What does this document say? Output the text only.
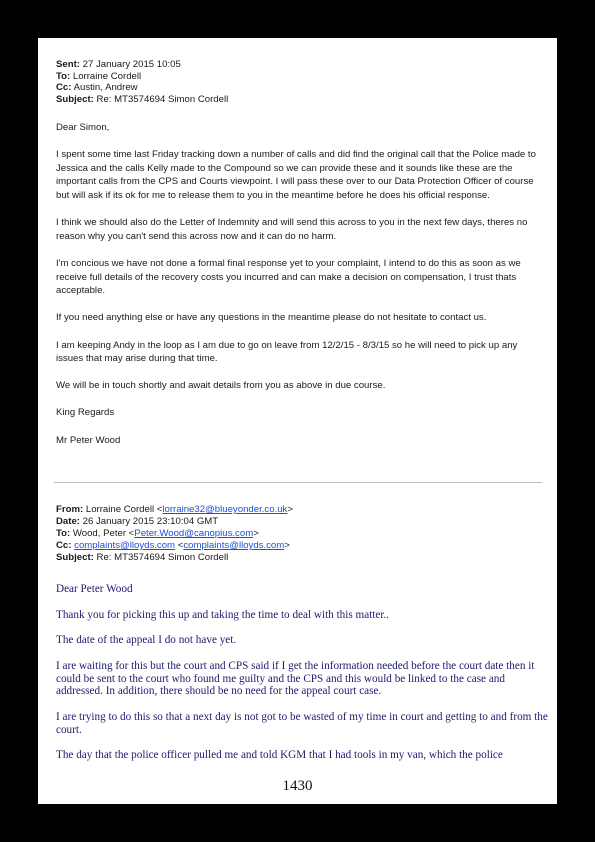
Sent: 27 January 2015 10:05
To: Lorraine Cordell
Cc: Austin, Andrew
Subject: Re: MT3574694 Simon Cordell

Dear Simon,

I spent some time last Friday tracking down a number of calls and did find the original call that the Police made to Jessica and the calls Kelly made to the Compound so we can provide these and it sounds like these are the important calls from the CPS and Courts viewpoint. I will pass these over to our Data Protection Officer of course but will ask if its ok for me to release them to you in the meantime before he does his official response.

I think we should also do the Letter of Indemnity and will send this across to you in the next few days, theres no reason why you can't send this across now and it can do no harm.

I'm concious we have not done a formal final response yet to your complaint, I intend to do this as soon as we receive full details of the recovery costs you incurred and can make a decision on compensation, I trust thats acceptable.

If you need anything else or have any questions in the meantime please do not hesitate to contact us.

I am keeping Andy in the loop as I am due to go on leave from 12/2/15 - 8/3/15 so he will need to pick up any issues that may arise during that time.

We will be in touch shortly and await details from you as above in due course.

King Regards

Mr Peter Wood

From: Lorraine Cordell <lorraine32@blueyonder.co.uk>
Date: 26 January 2015 23:10:04 GMT
To: Wood, Peter <Peter.Wood@canopius.com>
Cc: complaints@lloyds.com <complaints@lloyds.com>
Subject: Re: MT3574694 Simon Cordell

Dear Peter Wood

Thank you for picking this up and taking the time to deal with this matter..

The date of the appeal I do not have yet.

I are waiting for this but the court and CPS said if I get the information needed before the court date then it could be sent to the court who found me guilty and the CPS and this would be linked to the case and addressed. In addition, there should be no need for the appeal court case.

I are trying to do this so that a next day is not got to be wasted of my time in court and getting to and from the court.

The day that the police officer pulled me and told KGM that I had tools in my van, which the police

1430
